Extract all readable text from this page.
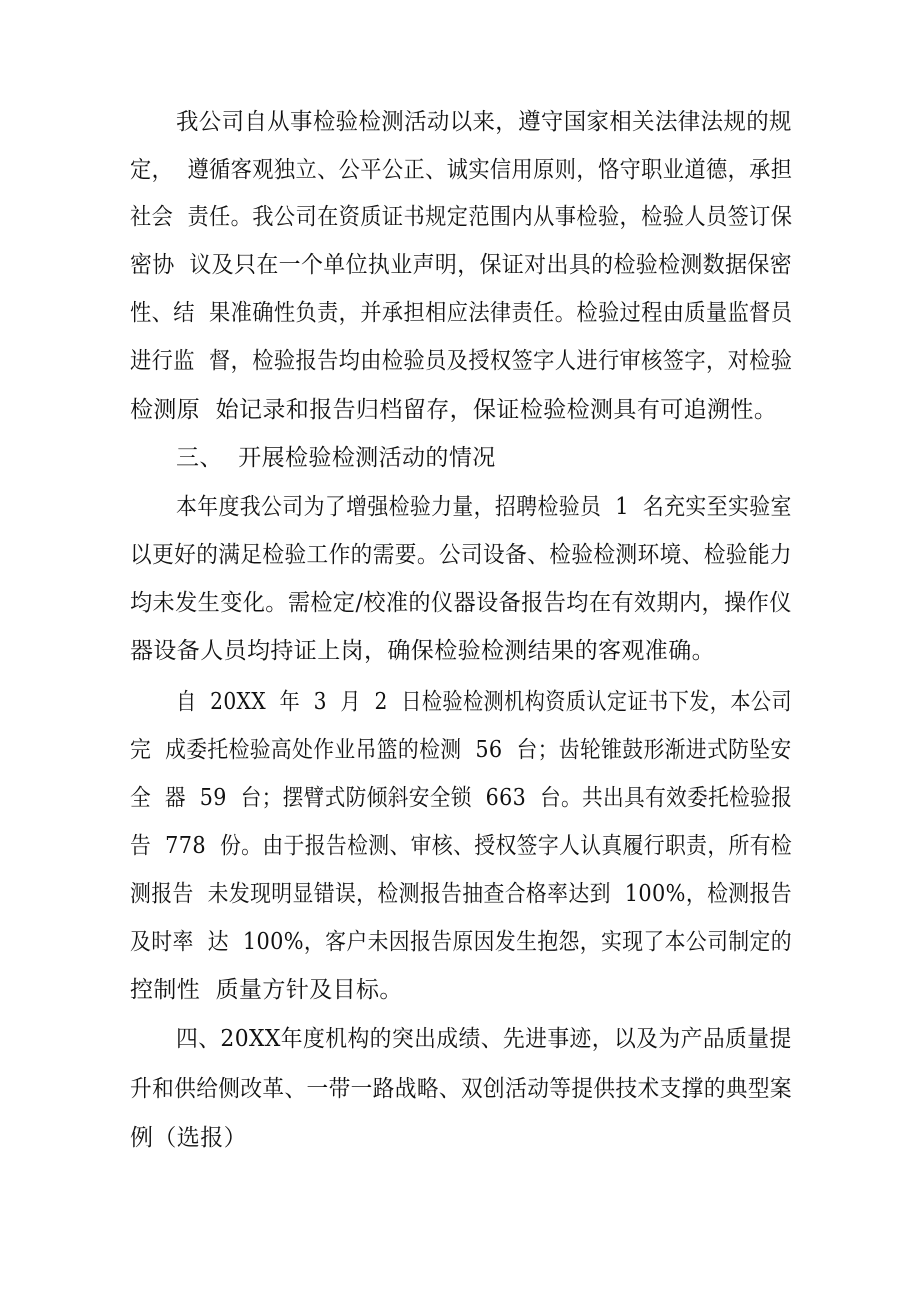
我公司自从事检验检测活动以来，遵守国家相关法律法规的规
定，  遵循客观独立、公平公正、诚实信用原则，恪守职业道德，承担
社会  责任。我公司在资质证书规定范围内从事检验，检验人员签订保
密协  议及只在一个单位执业声明，保证对出具的检验检测数据保密
性、结  果准确性负责，并承担相应法律责任。检验过程由质量监督员
进行监  督，检验报告均由检验员及授权签字人进行审核签字，对检验
检测原  始记录和报告归档留存，保证检验检测具有可追溯性。
三、  开展检验检测活动的情况
本年度我公司为了增强检验力量，招聘检验员  1  名充实至实验室
以更好的满足检验工作的需要。公司设备、检验检测环境、检验能力
均未发生变化。需检定/校准的仪器设备报告均在有效期内，操作仪
器设备人员均持证上岗，确保检验检测结果的客观准确。
自  20XX  年  3  月  2  日检验检测机构资质认定证书下发，本公司
完  成委托检验高处作业吊篮的检测  56  台；齿轮锥鼓形渐进式防坠安
全  器  59  台；摆臂式防倾斜安全锁  663  台。共出具有效委托检验报
告  778  份。由于报告检测、审核、授权签字人认真履行职责，所有检
测报告  未发现明显错误，检测报告抽查合格率达到  100%，检测报告
及时率  达  100%，客户未因报告原因发生抱怨，实现了本公司制定的
控制性  质量方针及目标。
四、20XX年度机构的突出成绩、先进事迹，以及为产品质量提
升和供给侧改革、一带一路战略、双创活动等提供技术支撑的典型案
例（选报）
